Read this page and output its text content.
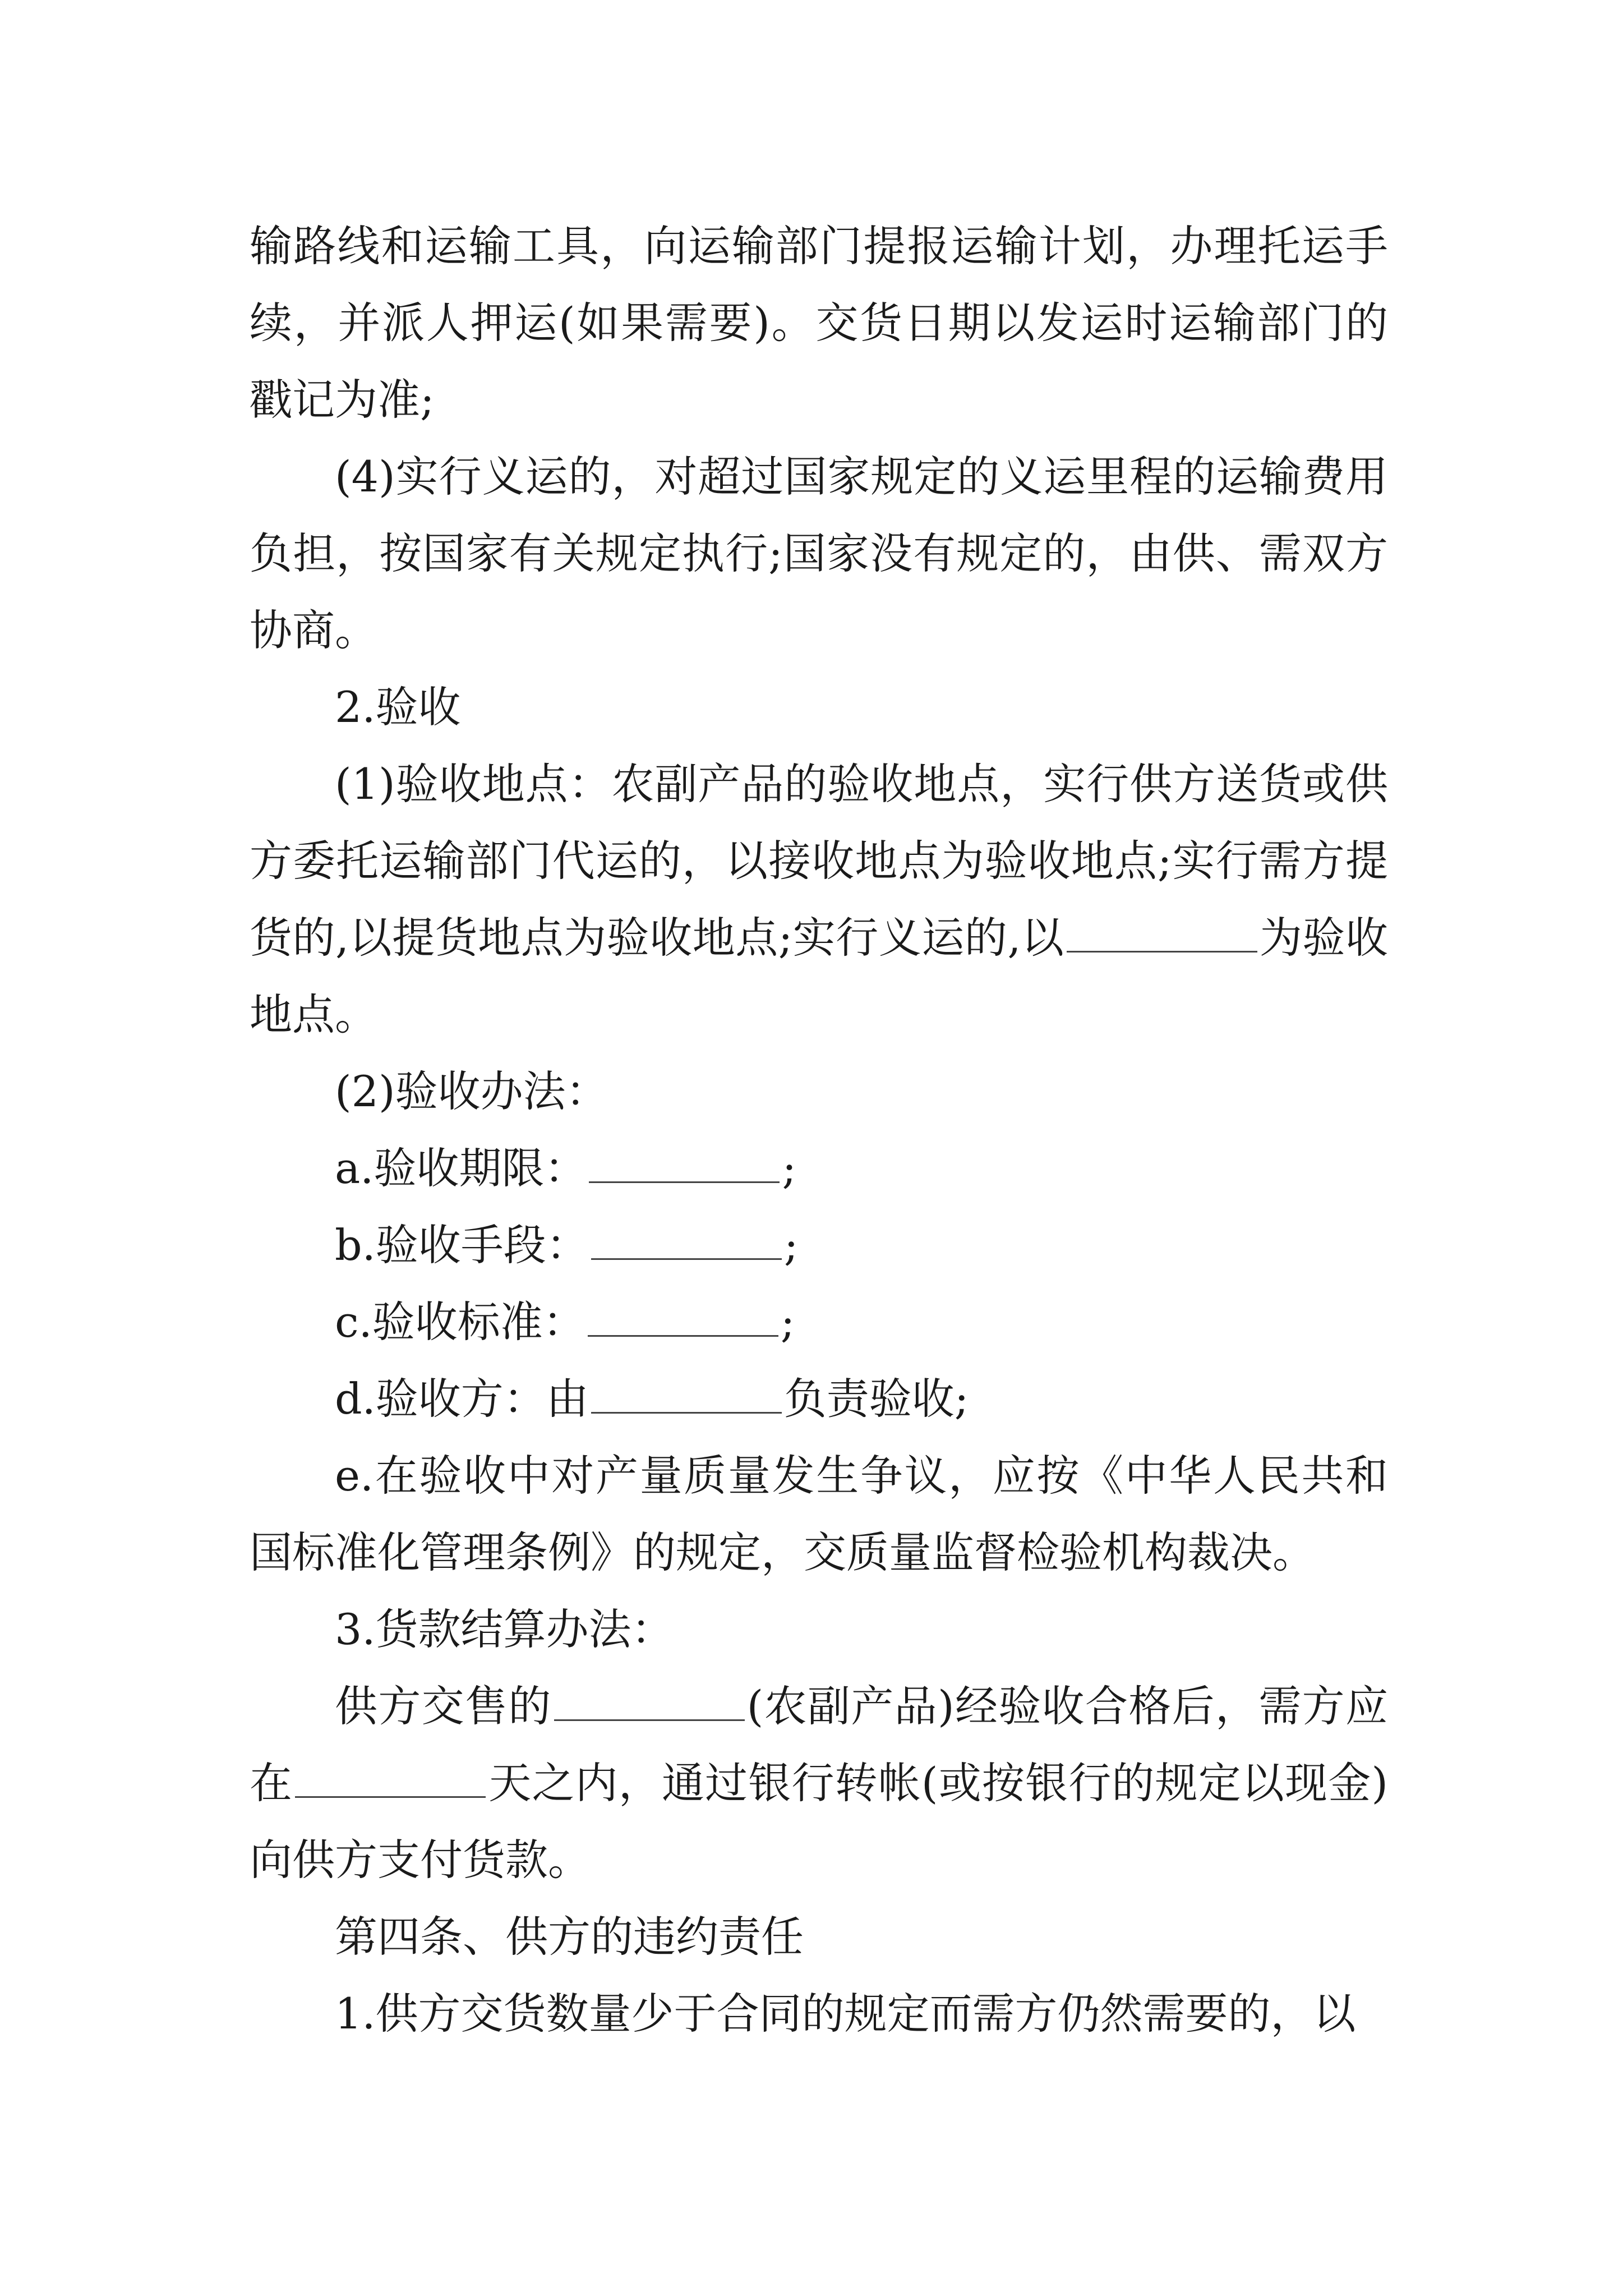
输路线和运输工具，向运输部门提报运输计划，办理托运手续，并派人押运(如果需要)。交货日期以发运时运输部门的戳记为准;

(4)实行义运的，对超过国家规定的义运里程的运输费用负担，按国家有关规定执行;国家没有规定的，由供、需双方协商。

2.验收

(1)验收地点：农副产品的验收地点，实行供方送货或供方委托运输部门代运的，以接收地点为验收地点;实行需方提货的,以提货地点为验收地点;实行义运的,以	为验收地点。

(2)验收办法：

a.验收期限：	;

b.验收手段：	;

c.验收标准：	;

d.验收方：由	负责验收;

e.在验收中对产量质量发生争议，应按《中华人民共和国标准化管理条例》的规定，交质量监督检验机构裁决。

3.货款结算办法：

供方交售的	(农副产品)经验收合格后，需方应在	天之内，通过银行转帐(或按银行的规定以现金)向供方支付货款。

第四条、供方的违约责任

1.供方交货数量少于合同的规定而需方仍然需要的，以
